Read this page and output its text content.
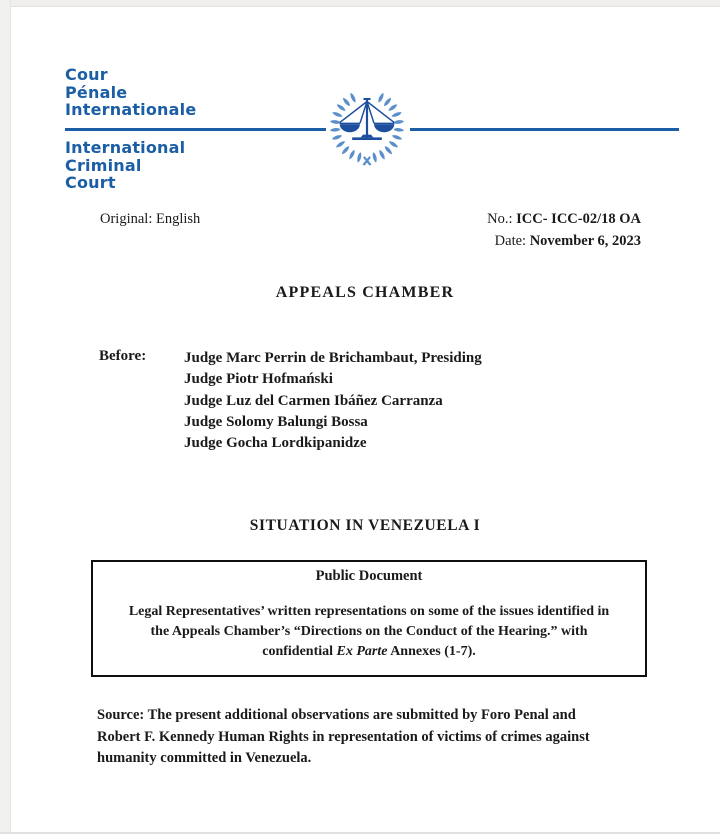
Cour
Pénale
Internationale
International
Criminal
Court
Original: English	No.: ICC- ICC-02/18 OA
Date: November 6, 2023
APPEALS CHAMBER
Before:	Judge Marc Perrin de Brichambaut, Presiding
Judge Piotr Hofmański
Judge Luz del Carmen Ibáñez Carranza
Judge Solomy Balungi Bossa
Judge Gocha Lordkipanidze
SITUATION IN VENEZUELA I
Public Document
Legal Representatives’ written representations on some of the issues identified in
the Appeals Chamber’s “Directions on the Conduct of the Hearing.” with
confidential Ex Parte Annexes (1-7).
Source: The present additional observations are submitted by Foro Penal and
Robert F. Kennedy Human Rights in representation of victims of crimes against
humanity committed in Venezuela.
